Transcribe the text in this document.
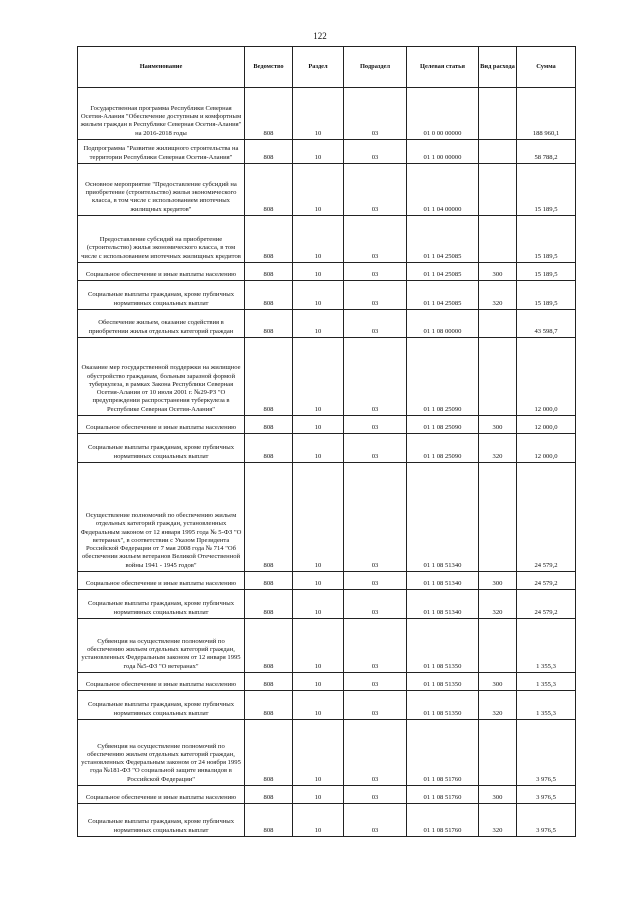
122
Наименование	Ведомство	Раздел	Подраздел	Целевая статья	Вид расхода	Сумма
Государственная программа Республики Северная Осетия-Алания "Обеспечение доступным и комфортным жильем граждан в Республике Северная Осетия-Алания" на 2016-2018 годы	808	10	03	01 0 00 00000		188 960,1
Подпрограмма "Развитие жилищного строительства на территории Республики Северная Осетия-Алания"	808	10	03	01 1 00 00000		58 788,2
Основное мероприятие "Предоставление субсидий на приобретение (строительство) жилья экономического класса, в том числе с использованием ипотечных жилищных кредитов"	808	10	03	01 1 04 00000		15 189,5
Предоставление субсидий на приобретение (строительство) жилья экономического класса, в том числе с использованием ипотечных жилищных кредитов	808	10	03	01 1 04 25085		15 189,5
Социальное обеспечение и иные выплаты населению	808	10	03	01 1 04 25085	300	15 189,5
Социальные выплаты гражданам, кроме публичных нормативных социальных выплат	808	10	03	01 1 04 25085	320	15 189,5
Обеспечение жильем, оказание содействия в приобретении жилья отдельных категорий граждан	808	10	03	01 1 08 00000		43 598,7
Оказание мер государственной поддержки на жилищное обустройство гражданам, больным заразной формой туберкулеза, в рамках Закона Республики Северная Осетия-Алания от 10 июля 2001 г. №29-РЗ "О предупреждении распространения туберкулеза в Республике Северная Осетия-Алания"	808	10	03	01 1 08 25090		12 000,0
Социальное обеспечение и иные выплаты населению	808	10	03	01 1 08 25090	300	12 000,0
Социальные выплаты гражданам, кроме публичных нормативных социальных выплат	808	10	03	01 1 08 25090	320	12 000,0
Осуществление полномочий по обеспечению жильем отдельных категорий граждан, установленных Федеральным законом от 12 января 1995 года № 5-ФЗ "О ветеранах", в соответствии с Указом Президента Российской Федерации от 7 мая 2008 года № 714 "Об обеспечении жильем ветеранов Великой Отечественной войны 1941 - 1945 годов"	808	10	03	01 1 08 51340		24 579,2
Социальное обеспечение и иные выплаты населению	808	10	03	01 1 08 51340	300	24 579,2
Социальные выплаты гражданам, кроме публичных нормативных социальных выплат	808	10	03	01 1 08 51340	320	24 579,2
Субвенция на осуществление полномочий по обеспечению жильем отдельных категорий граждан, установленных Федеральным законом от 12 января 1995 года №5-ФЗ "О ветеранах"	808	10	03	01 1 08 51350		1 355,3
Социальное обеспечение и иные выплаты населению	808	10	03	01 1 08 51350	300	1 355,3
Социальные выплаты гражданам, кроме публичных нормативных социальных выплат	808	10	03	01 1 08 51350	320	1 355,3
Субвенция на осуществление полномочий по обеспечению жильем отдельных категорий граждан, установленных Федеральным законом от 24 ноября 1995 года №181-ФЗ "О социальной защите инвалидов в Российской Федерации"	808	10	03	01 1 08 51760		3 976,5
Социальное обеспечение и иные выплаты населению	808	10	03	01 1 08 51760	300	3 976,5
Социальные выплаты гражданам, кроме публичных нормативных социальных выплат	808	10	03	01 1 08 51760	320	3 976,5
